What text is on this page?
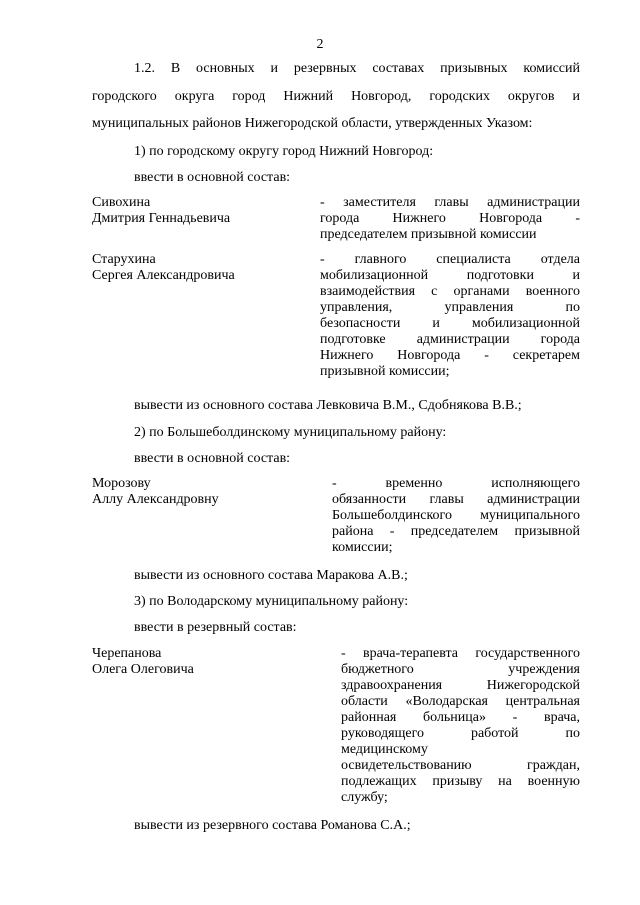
2
1.2. В основных и резервных составах призывных комиссий
городского округа город Нижний Новгород, городских округов и
муниципальных районов Нижегородской области, утвержденных Указом:
1) по городскому округу город Нижний Новгород:
ввести в основной состав:
Сивохина
Дмитрия Геннадьевича
- заместителя главы администрации
города Нижнего Новгорода -
председателем призывной комиссии
Старухина
Сергея Александровича
- главного специалиста отдела
мобилизационной подготовки и
взаимодействия с органами военного
управления, управления по
безопасности и мобилизационной
подготовке администрации города
Нижнего Новгорода - секретарем
призывной комиссии;
вывести из основного состава Левковича В.М., Сдобнякова В.В.;
2) по Большеболдинскому муниципальному району:
ввести в основной состав:
Морозову
Аллу Александровну
- временно исполняющего
обязанности главы администрации
Большеболдинского муниципального
района - председателем призывной
комиссии;
вывести из основного состава Маракова А.В.;
3) по Володарскому муниципальному району:
ввести в резервный состав:
Черепанова
Олега Олеговича
- врача-терапевта государственного
бюджетного учреждения
здравоохранения Нижегородской
области «Володарская центральная
районная больница» - врача,
руководящего работой по
медицинскому
освидетельствованию граждан,
подлежащих призыву на военную
службу;
вывести из резервного состава Романова С.А.;
